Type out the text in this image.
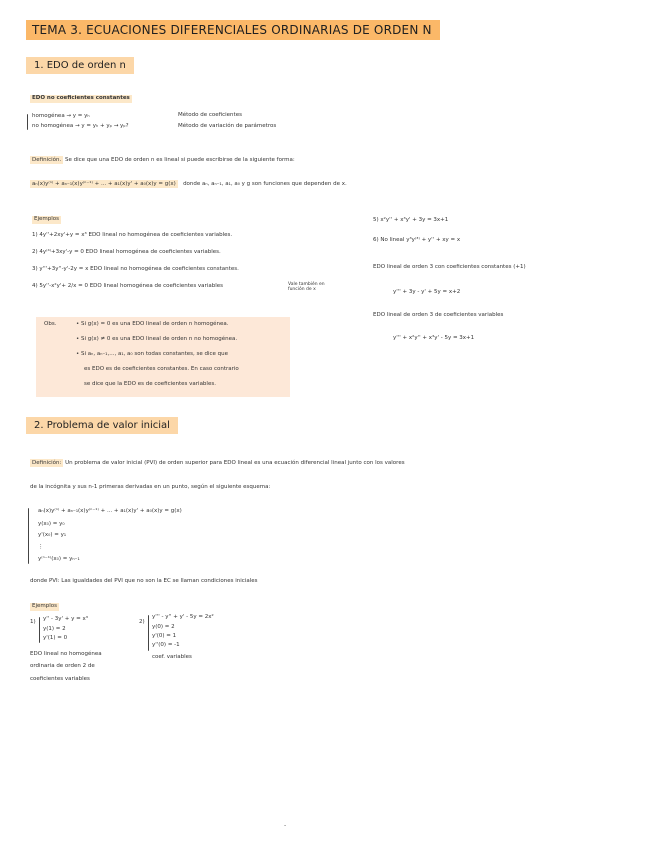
TEMA 3. ECUACIONES DIFERENCIALES ORDINARIAS DE ORDEN N
1. EDO de orden n
EDO no coeficientes constantes
homogénea → y = yₕ
no homogénea → y = yₕ + yₚ → yₚ?
Método de coeficientes
Método de variación de parámetros
Definición. Se dice que una EDO de orden n es lineal si puede escribirse de la siguiente forma:
aₙ(x)y⁽ⁿ⁾ + aₙ₋₁(x)y⁽ⁿ⁻¹⁾ + ... + a₁(x)y' + a₀(x)y = g(x) donde aₙ, aₙ₋₁, a₁, a₀ y g son funciones que dependen de x.
Ejemplos
1) 4y''+2xy'+y = x³ EDO lineal no homogénea de coeficientes variables.
2) 4y⁽⁴⁾+3xy'-y = 0 EDO lineal homogénea de coeficientes variables.
3) y'''+3y''-y'-2y = x EDO lineal no homogénea de coeficientes constantes.
4) 5y''-x²y'+ 2/x = 0 EDO lineal homogénea de coeficientes variables	Vale también en función de x
5) x²y'' + x³y' + 3y = 3x+1
6) No lineal y³y⁽³⁾ + y'' + xy = x
EDO lineal de orden 3 con coeficientes constantes (+1)
y''' + 3y - y' + 5y = x+2
EDO lineal de orden 3 de coeficientes variables
y''' + x²y'' + x³y' - 5y = 3x+1
Obs.	• Si g(x) = 0 es una EDO lineal de orden n homogénea.
• Si g(x) ≠ 0 es una EDO lineal de orden n no homogénea.
• Si aₙ, aₙ₋₁,..., a₁, a₀ son todas constantes, se dice que
es EDO es de coeficientes constantes. En caso contrario
se dice que la EDO es de coeficientes variables.
2. Problema de valor inicial
Definición: Un problema de valor inicial (PVI) de orden superior para EDO lineal es una ecuación diferencial lineal junto con los valores
de la incógnita y sus n-1 primeras derivadas en un punto, según el siguiente esquema:
aₙ(x)y⁽ⁿ⁾ + aₙ₋₁(x)y⁽ⁿ⁻¹⁾ + ... + a₁(x)y' + a₀(x)y = g(x)
y(x₀) = y₀
y'(x₀) = y₁
⋮
y⁽ⁿ⁻¹⁾(x₀) = yₙ₋₁
donde PVI: Las igualdades del PVI que no son la EC se llaman condiciones iniciales
Ejemplos
1) y'' - 3y' + y = x³
y(1) = 2
y'(1) = 0
EDO lineal no homogénea
ordinaria de orden 2 de
coeficientes variables
2)
y''' - y'' + y' - 5y = 2x²
y(0) = 2
y'(0) = 1
y''(0) = -1
coef. variables
-
